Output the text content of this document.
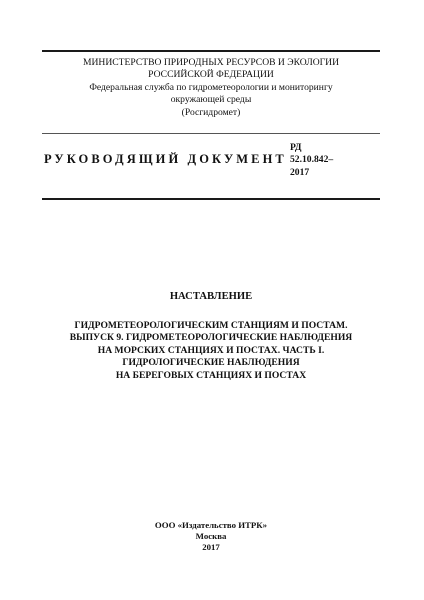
МИНИСТЕРСТВО ПРИРОДНЫХ РЕСУРСОВ И ЭКОЛОГИИ
РОССИЙСКОЙ ФЕДЕРАЦИИ
Федеральная служба по гидрометеорологии и мониторингу
окружающей среды
(Росгидромет)
РУКОВОДЯЩИЙ ДОКУМЕНТ
РД
52.10.842–
2017
НАСТАВЛЕНИЕ
ГИДРОМЕТЕОРОЛОГИЧЕСКИМ СТАНЦИЯМ И ПОСТАМ.
ВЫПУСК 9. ГИДРОМЕТЕОРОЛОГИЧЕСКИЕ НАБЛЮДЕНИЯ
НА МОРСКИХ СТАНЦИЯХ И ПОСТАХ. ЧАСТЬ I.
ГИДРОЛОГИЧЕСКИЕ НАБЛЮДЕНИЯ
НА БЕРЕГОВЫХ СТАНЦИЯХ И ПОСТАХ
ООО «Издательство ИТРК»
Москва
2017
